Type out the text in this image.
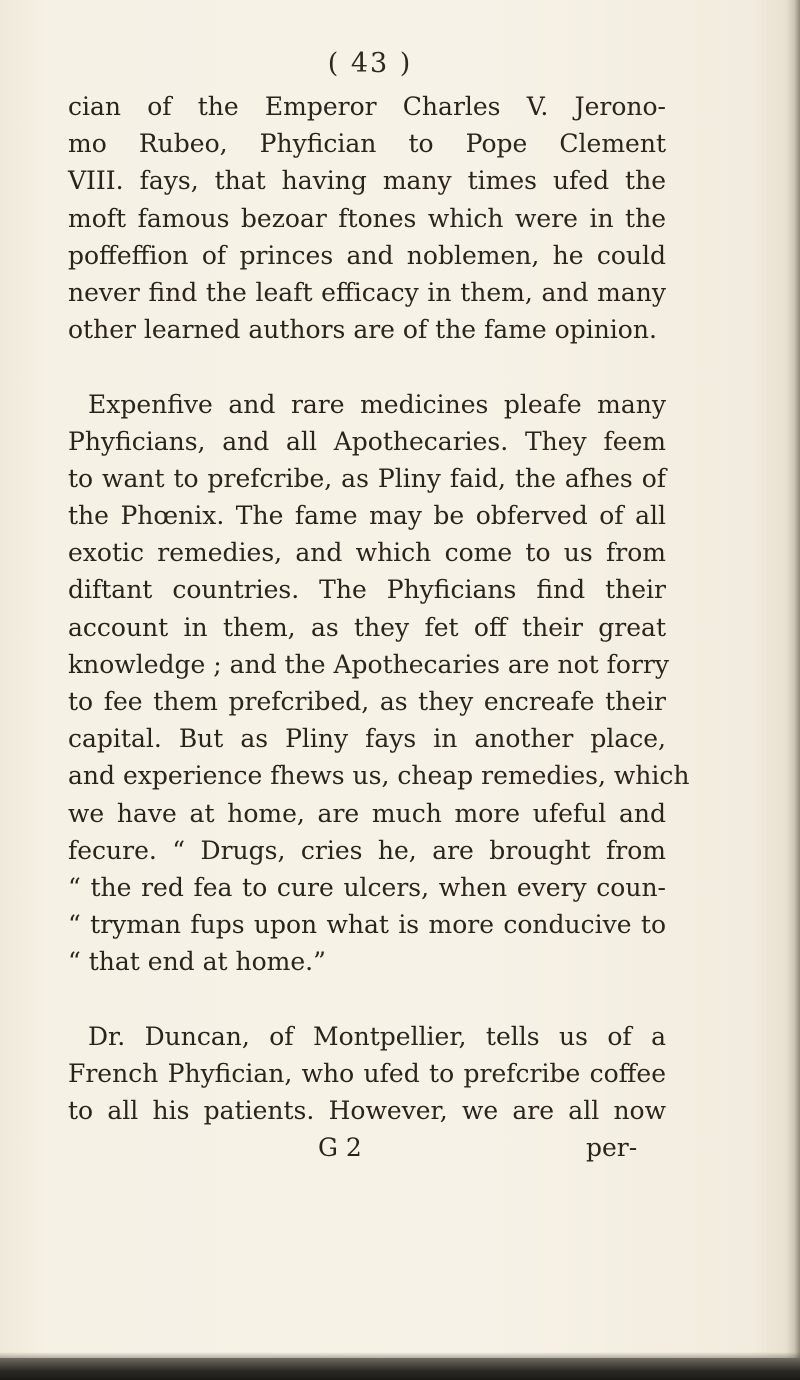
( 43 )
cian of the Emperor Charles V. Jerono-
mo Rubeo, Phyfician to Pope Clement
VIII. fays, that having many times ufed the
moft famous bezoar ftones which were in the
poffeffion of princes and noblemen, he could
never find the leaft efficacy in them, and many
other learned authors are of the fame opinion.
Expenfive and rare medicines pleafe many
Phyficians, and all Apothecaries. They feem
to want to prefcribe, as Pliny faid, the afhes of
the Phœnix. The fame may be obferved of all
exotic remedies, and which come to us from
diftant countries. The Phyficians find their
account in them, as they fet off their great
knowledge ; and the Apothecaries are not forry
to fee them prefcribed, as they encreafe their
capital. But as Pliny fays in another place,
and experience fhews us, cheap remedies, which
we have at home, are much more ufeful and
fecure. “ Drugs, cries he, are brought from
“ the red fea to cure ulcers, when every coun-
“ tryman fups upon what is more conducive to
“ that end at home.”
Dr. Duncan, of Montpellier, tells us of a
French Phyfician, who ufed to prefcribe coffee
to all his patients. However, we are all now
G 2	per-
